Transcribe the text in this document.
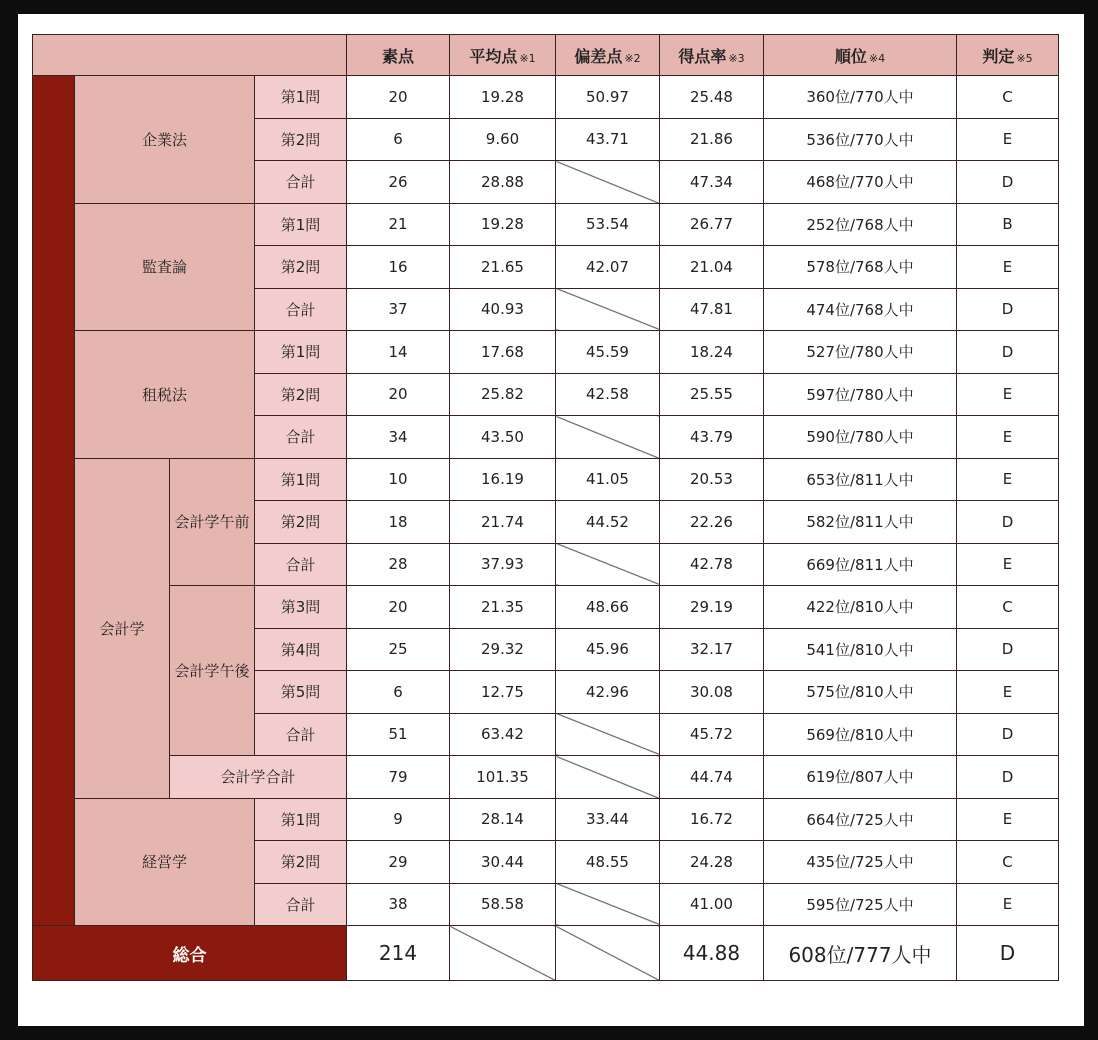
				素点	平均点 ※1	偏差点 ※2	得点率 ※3	順位 ※4	判定 ※5
	企業法		第1問	20	19.28	50.97	25.48	360位/770人中	C
			第2問	6	9.60	43.71	21.86	536位/770人中	E
			合計	26	28.88		47.34	468位/770人中	D
	監査論		第1問	21	19.28	53.54	26.77	252位/768人中	B
			第2問	16	21.65	42.07	21.04	578位/768人中	E
			合計	37	40.93		47.81	474位/768人中	D
	租税法		第1問	14	17.68	45.59	18.24	527位/780人中	D
			第2問	20	25.82	42.58	25.55	597位/780人中	E
			合計	34	43.50		43.79	590位/780人中	E
	会計学	会計学午前	第1問	10	16.19	41.05	20.53	653位/811人中	E
			第2問	18	21.74	44.52	22.26	582位/811人中	D
			合計	28	37.93		42.78	669位/811人中	E
		会計学午後	第3問	20	21.35	48.66	29.19	422位/810人中	C
			第4問	25	29.32	45.96	32.17	541位/810人中	D
			第5問	6	12.75	42.96	30.08	575位/810人中	E
			合計	51	63.42		45.72	569位/810人中	D
		会計学合計		79	101.35		44.74	619位/807人中	D
	経営学		第1問	9	28.14	33.44	16.72	664位/725人中	E
			第2問	29	30.44	48.55	24.28	435位/725人中	C
			合計	38	58.58		41.00	595位/725人中	E
総合				214			44.88	608位/777人中	D
